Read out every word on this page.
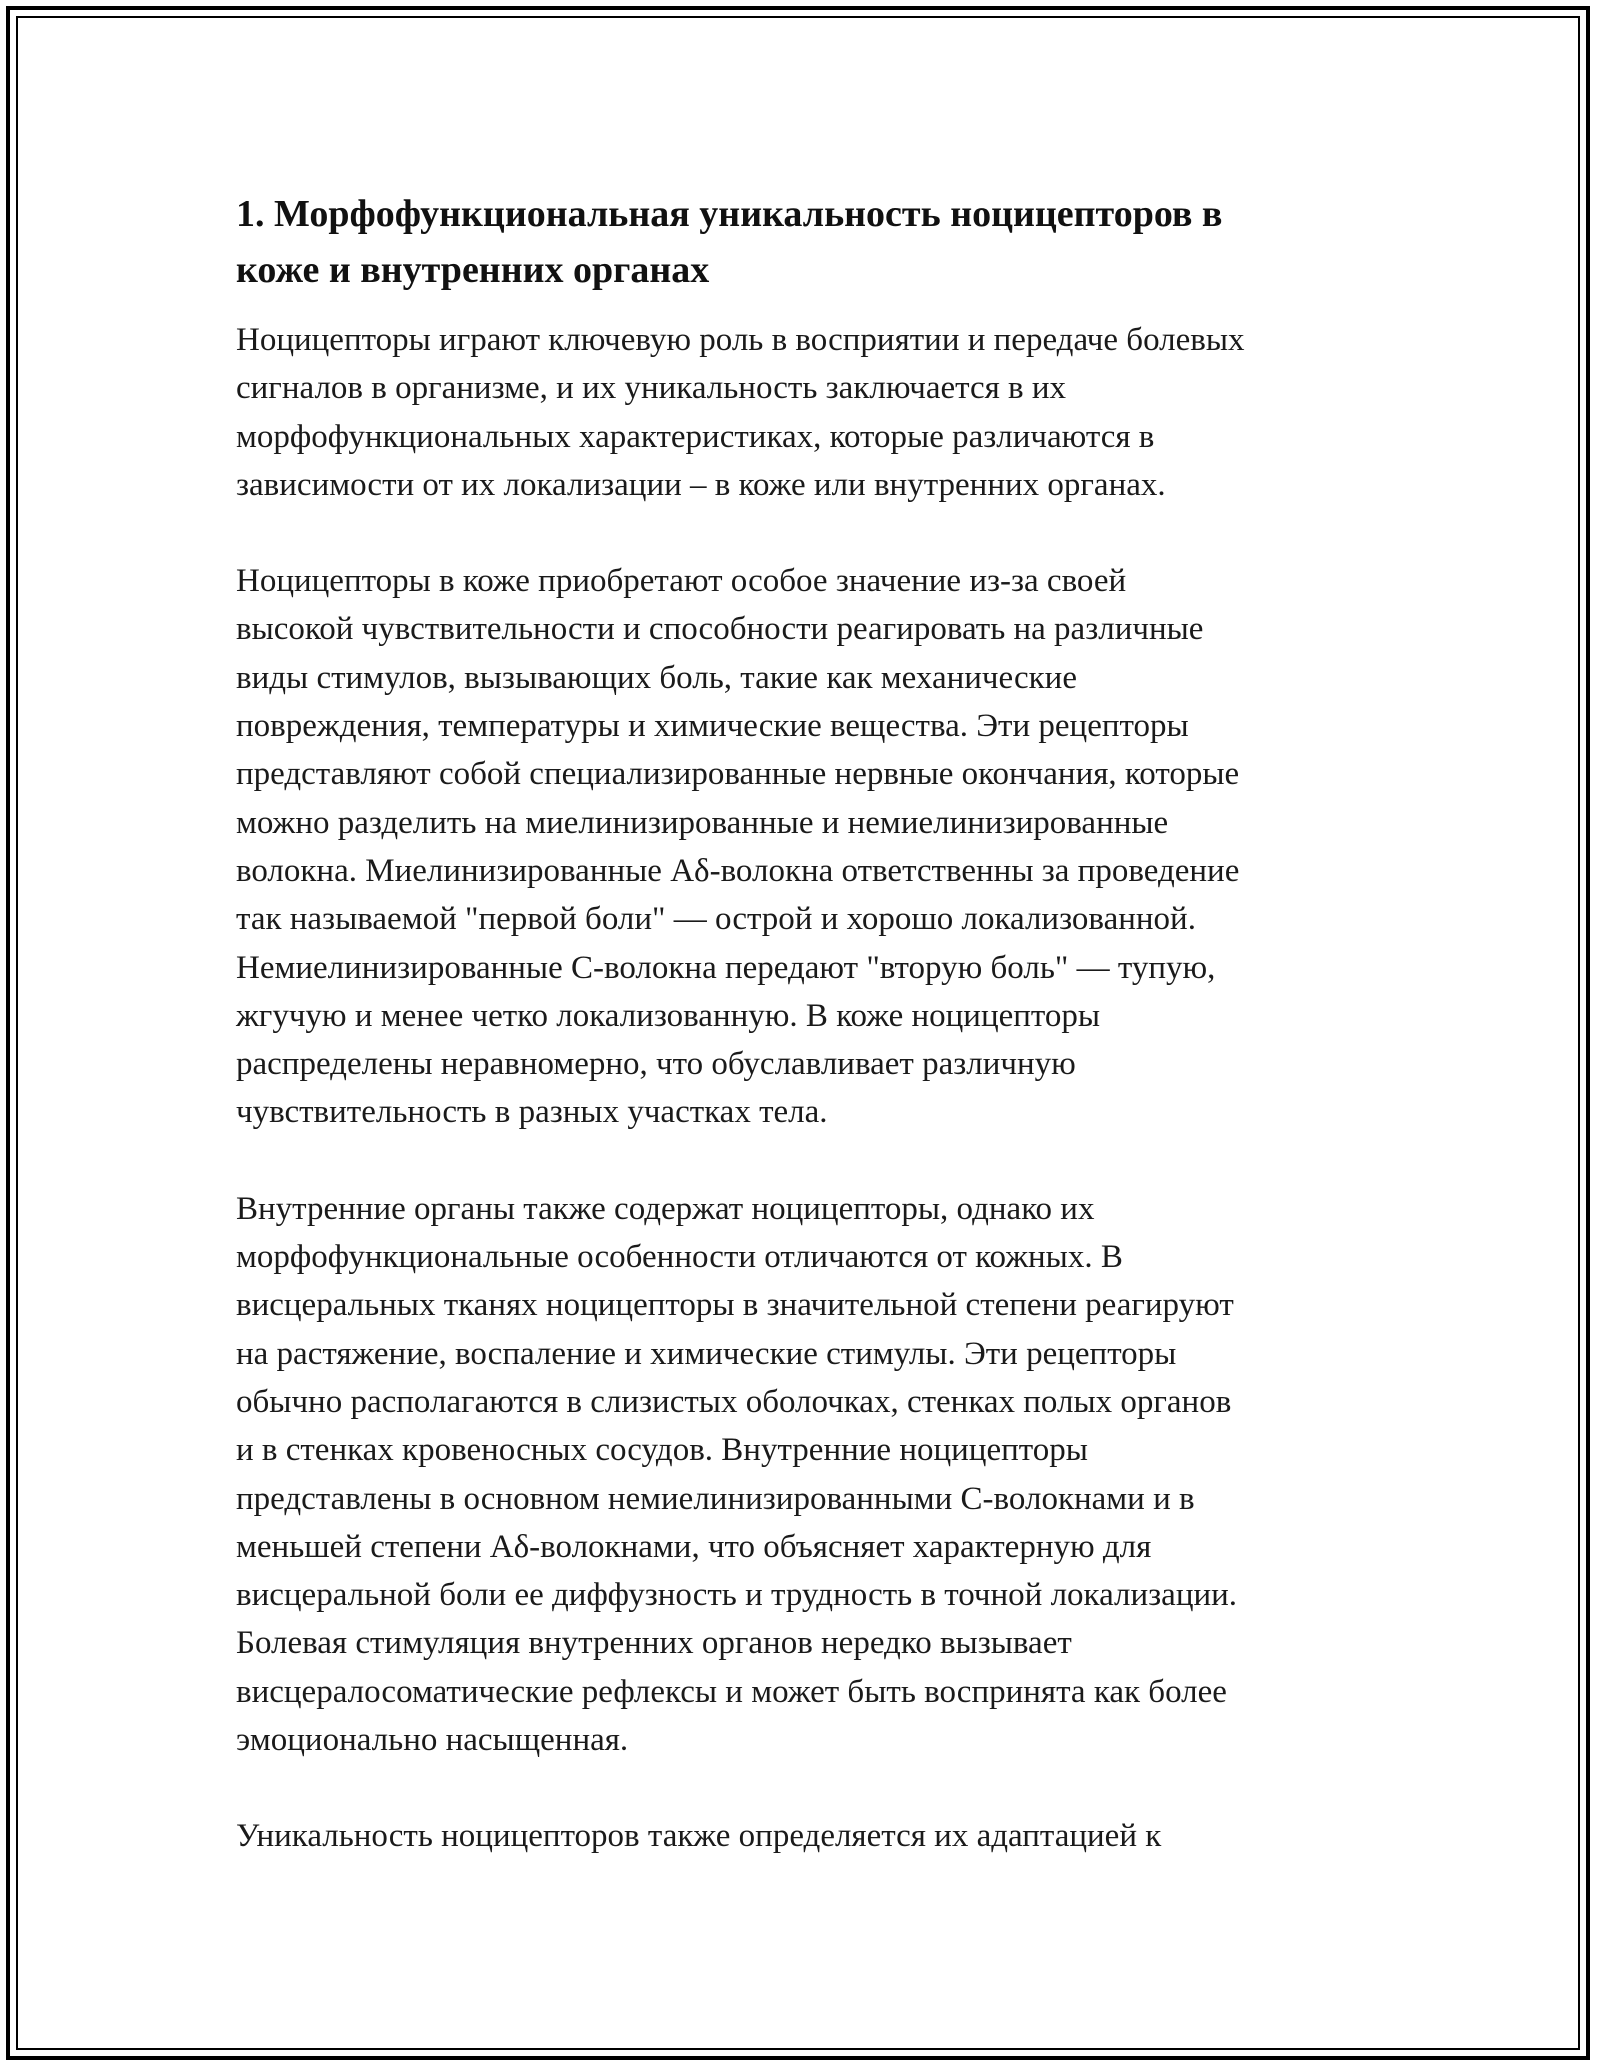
1. Морфофункциональная уникальность ноцицепторов в
коже и внутренних органах

Ноцицепторы играют ключевую роль в восприятии и передаче болевых
сигналов в организме, и их уникальность заключается в их
морфофункциональных характеристиках, которые различаются в
зависимости от их локализации – в коже или внутренних органах.

Ноцицепторы в коже приобретают особое значение из-за своей
высокой чувствительности и способности реагировать на различные
виды стимулов, вызывающих боль, такие как механические
повреждения, температуры и химические вещества. Эти рецепторы
представляют собой специализированные нервные окончания, которые
можно разделить на миелинизированные и немиелинизированные
волокна. Миелинизированные Aδ-волокна ответственны за проведение
так называемой "первой боли" — острой и хорошо локализованной.
Немиелинизированные C-волокна передают "вторую боль" — тупую,
жгучую и менее четко локализованную. В коже ноцицепторы
распределены неравномерно, что обуславливает различную
чувствительность в разных участках тела.

Внутренние органы также содержат ноцицепторы, однако их
морфофункциональные особенности отличаются от кожных. В
висцеральных тканях ноцицепторы в значительной степени реагируют
на растяжение, воспаление и химические стимулы. Эти рецепторы
обычно располагаются в слизистых оболочках, стенках полых органов
и в стенках кровеносных сосудов. Внутренние ноцицепторы
представлены в основном немиелинизированными C-волокнами и в
меньшей степени Aδ-волокнами, что объясняет характерную для
висцеральной боли ее диффузность и трудность в точной локализации.
Болевая стимуляция внутренних органов нередко вызывает
висцералосоматические рефлексы и может быть воспринята как более
эмоционально насыщенная.

Уникальность ноцицепторов также определяется их адаптацией к
